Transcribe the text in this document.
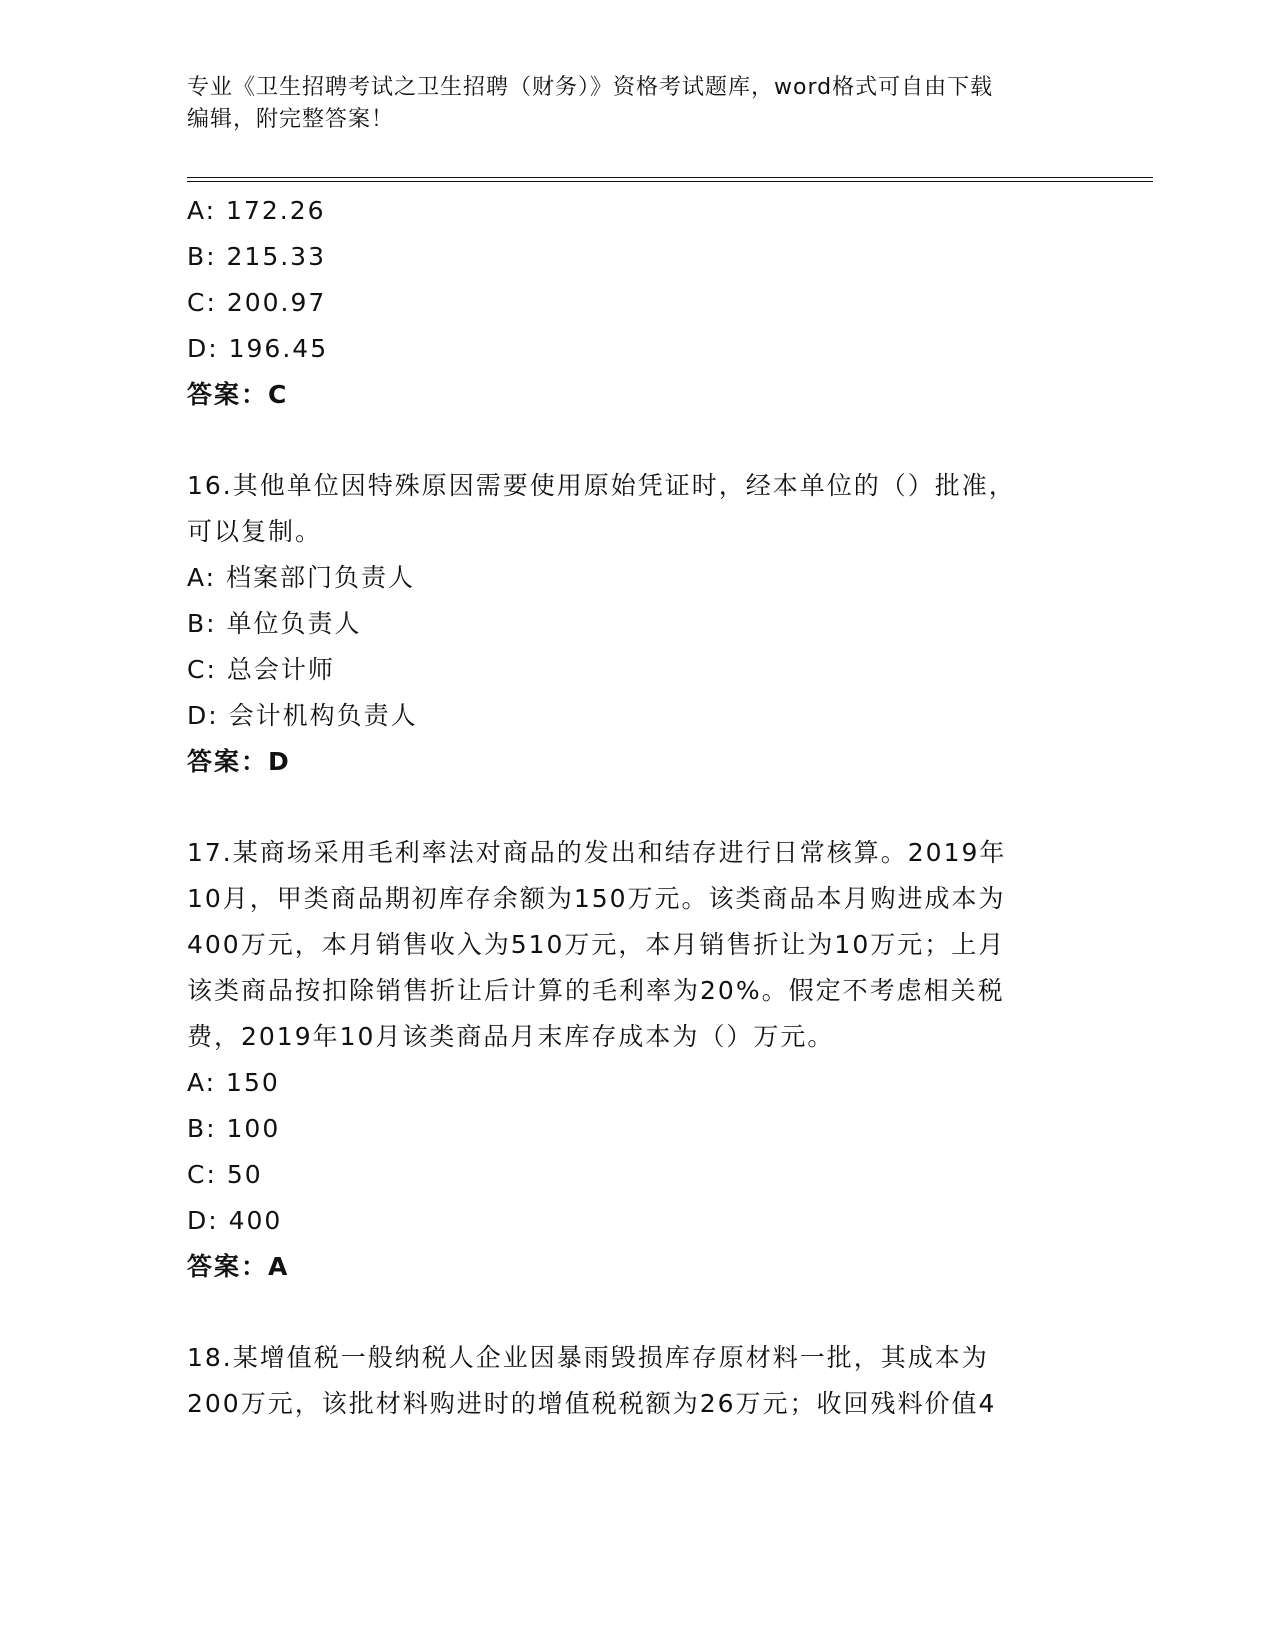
专业《卫生招聘考试之卫生招聘（财务）》资格考试题库，word格式可自由下载
编辑，附完整答案！
A: 172.26
B: 215.33
C: 200.97
D: 196.45
答案：C
16.其他单位因特殊原因需要使用原始凭证时，经本单位的（）批准，
可以复制。
A: 档案部门负责人
B: 单位负责人
C: 总会计师
D: 会计机构负责人
答案：D
17.某商场采用毛利率法对商品的发出和结存进行日常核算。2019年
10月，甲类商品期初库存余额为150万元。该类商品本月购进成本为
400万元，本月销售收入为510万元，本月销售折让为10万元；上月
该类商品按扣除销售折让后计算的毛利率为20%。假定不考虑相关税
费，2019年10月该类商品月末库存成本为（）万元。
A: 150
B: 100
C: 50
D: 400
答案：A
18.某增值税一般纳税人企业因暴雨毁损库存原材料一批，其成本为
200万元，该批材料购进时的增值税税额为26万元；收回残料价值4
